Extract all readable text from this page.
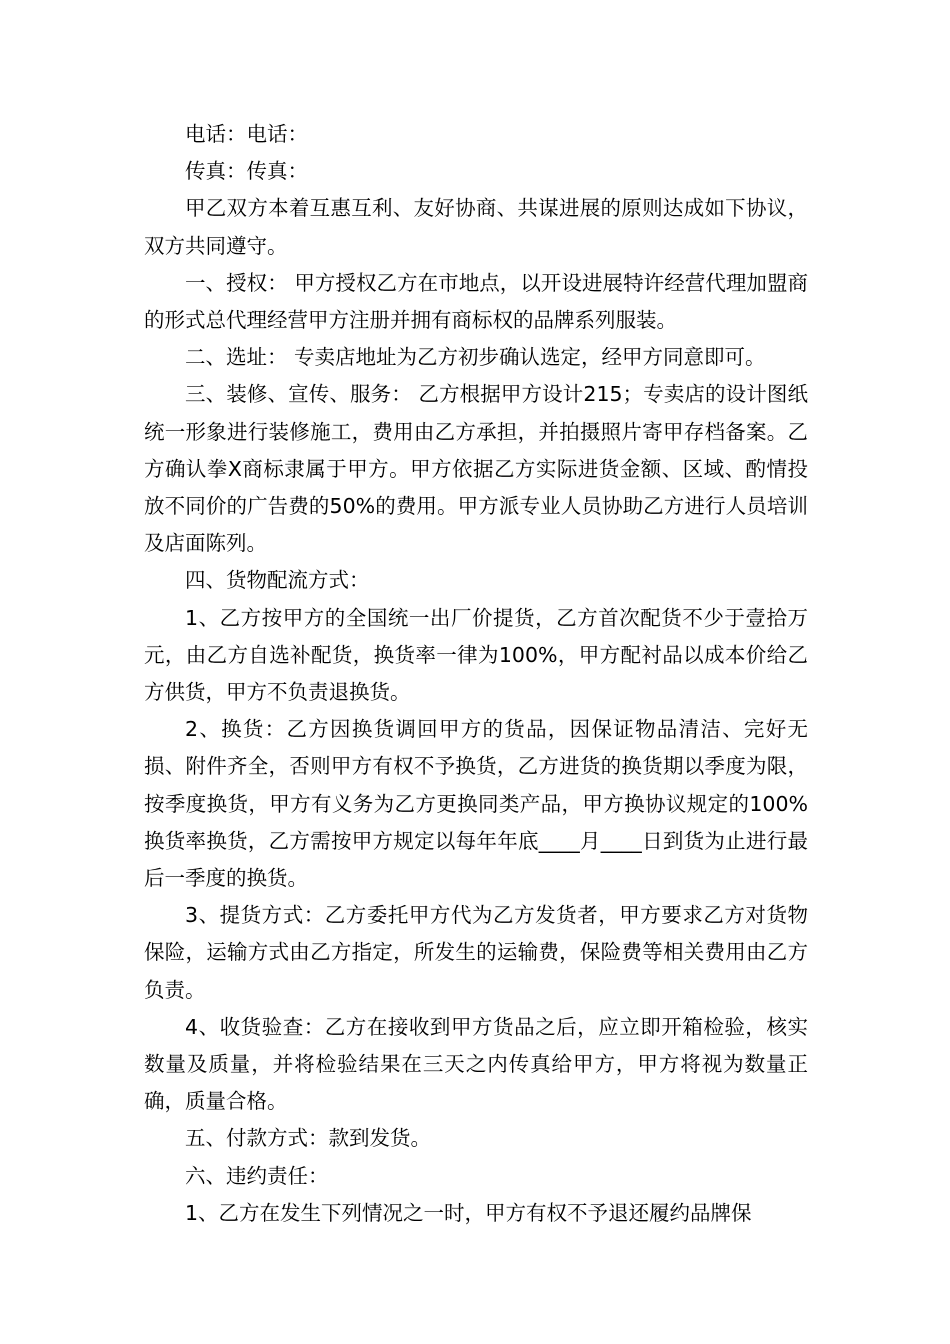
电话：电话：

传真：传真：

甲乙双方本着互惠互利、友好协商、共谋进展的原则达成如下协议，双方共同遵守。

一、授权： 甲方授权乙方在市地点，以开设进展特许经营代理加盟商的形式总代理经营甲方注册并拥有商标权的品牌系列服装。

二、选址： 专卖店地址为乙方初步确认选定，经甲方同意即可。

三、装修、宣传、服务： 乙方根据甲方设计215；专卖店的设计图纸统一形象进行装修施工，费用由乙方承担，并拍摄照片寄甲存档备案。乙方确认拳X商标隶属于甲方。甲方依据乙方实际进货金额、区域、酌情投放不同价的广告费的50%的费用。甲方派专业人员协助乙方进行人员培训及店面陈列。

四、货物配流方式：

1、乙方按甲方的全国统一出厂价提货，乙方首次配货不少于壹拾万元，由乙方自选补配货，换货率一律为100%，甲方配衬品以成本价给乙方供货，甲方不负责退换货。

2、换货：乙方因换货调回甲方的货品，因保证物品清洁、完好无损、附件齐全，否则甲方有权不予换货，乙方进货的换货期以季度为限，按季度换货，甲方有义务为乙方更换同类产品，甲方换协议规定的100%换货率换货，乙方需按甲方规定以每年年底____月____日到货为止进行最后一季度的换货。

3、提货方式：乙方委托甲方代为乙方发货者，甲方要求乙方对货物保险，运输方式由乙方指定，所发生的运输费，保险费等相关费用由乙方负责。

4、收货验查：乙方在接收到甲方货品之后，应立即开箱检验，核实数量及质量，并将检验结果在三天之内传真给甲方，甲方将视为数量正确，质量合格。

五、付款方式：款到发货。

六、违约责任：

1、乙方在发生下列情况之一时，甲方有权不予退还履约品牌保
